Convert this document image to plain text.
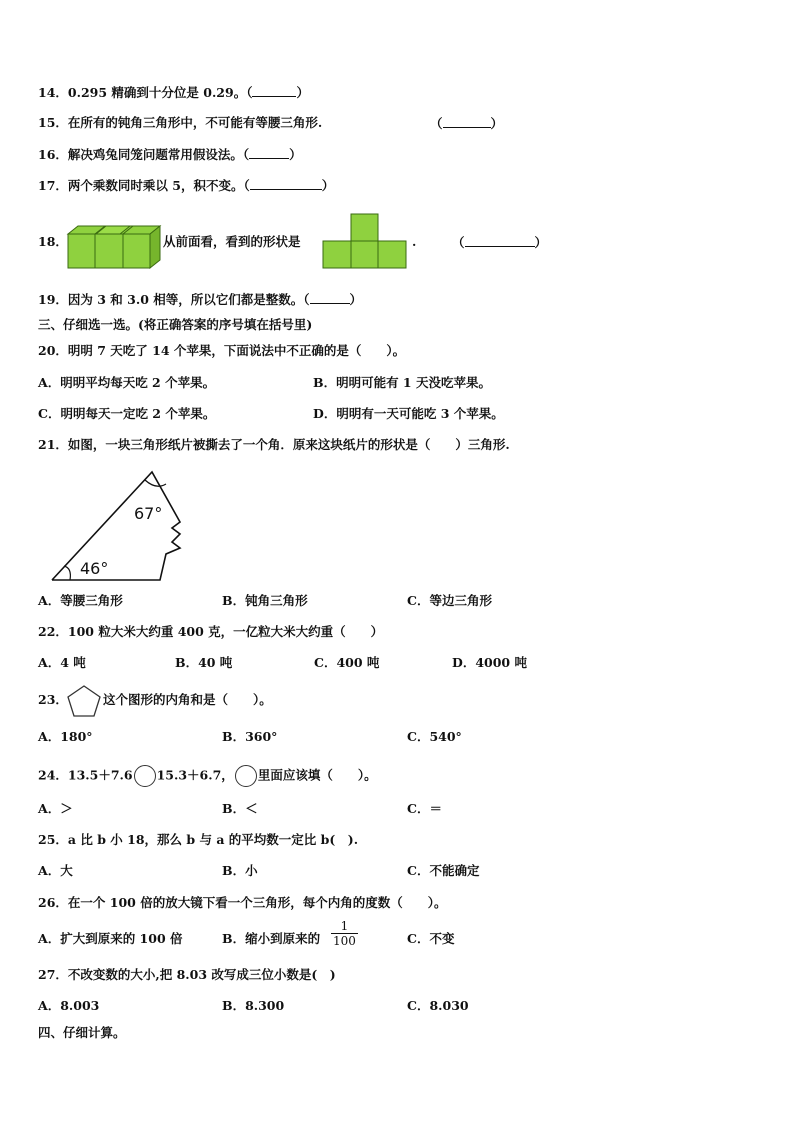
14．0.295 精确到十分位是 0.29。（	）
15．在所有的钝角三角形中，不可能有等腰三角形.	（	）
16．解决鸡兔同笼问题常用假设法。（	）
17．两个乘数同时乘以 5，积不变。（	）
18．	从前面看，看到的形状是	.	（	）
19．因为 3 和 3.0 相等，所以它们都是整数。（	）
三、仔细选一选。(将正确答案的序号填在括号里)
20．明明 7 天吃了 14 个苹果，下面说法中不正确的是（　　）。
A．明明平均每天吃 2 个苹果。	B．明明可能有 1 天没吃苹果。
C．明明每天一定吃 2 个苹果。	D．明明有一天可能吃 3 个苹果。
21．如图，一块三角形纸片被撕去了一个角．原来这块纸片的形状是（　　）三角形.
67°
46°
A．等腰三角形	B．钝角三角形	C．等边三角形
22．100 粒大米大约重 400 克，一亿粒大米大约重（　　）
A．4 吨	B．40 吨	C．400 吨	D．4000 吨
23．	这个图形的内角和是（　　）。
A．180°	B．360°	C．540°
24．13.5＋7.6 15.3＋6.7， 里面应该填（　　）。
A．＞	B．＜	C．＝
25．a 比 b 小 18，那么 b 与 a 的平均数一定比 b(　).
A．大	B．小	C．不能确定
26．在一个 100 倍的放大镜下看一个三角形，每个内角的度数（　　）。
A．扩大到原来的 100 倍	B．缩小到原来的 $\frac{1}{100}$	C．不变
27．不改变数的大小,把 8.03 改写成三位小数是(　)
A．8.003	B．8.300	C．8.030
四、仔细计算。
